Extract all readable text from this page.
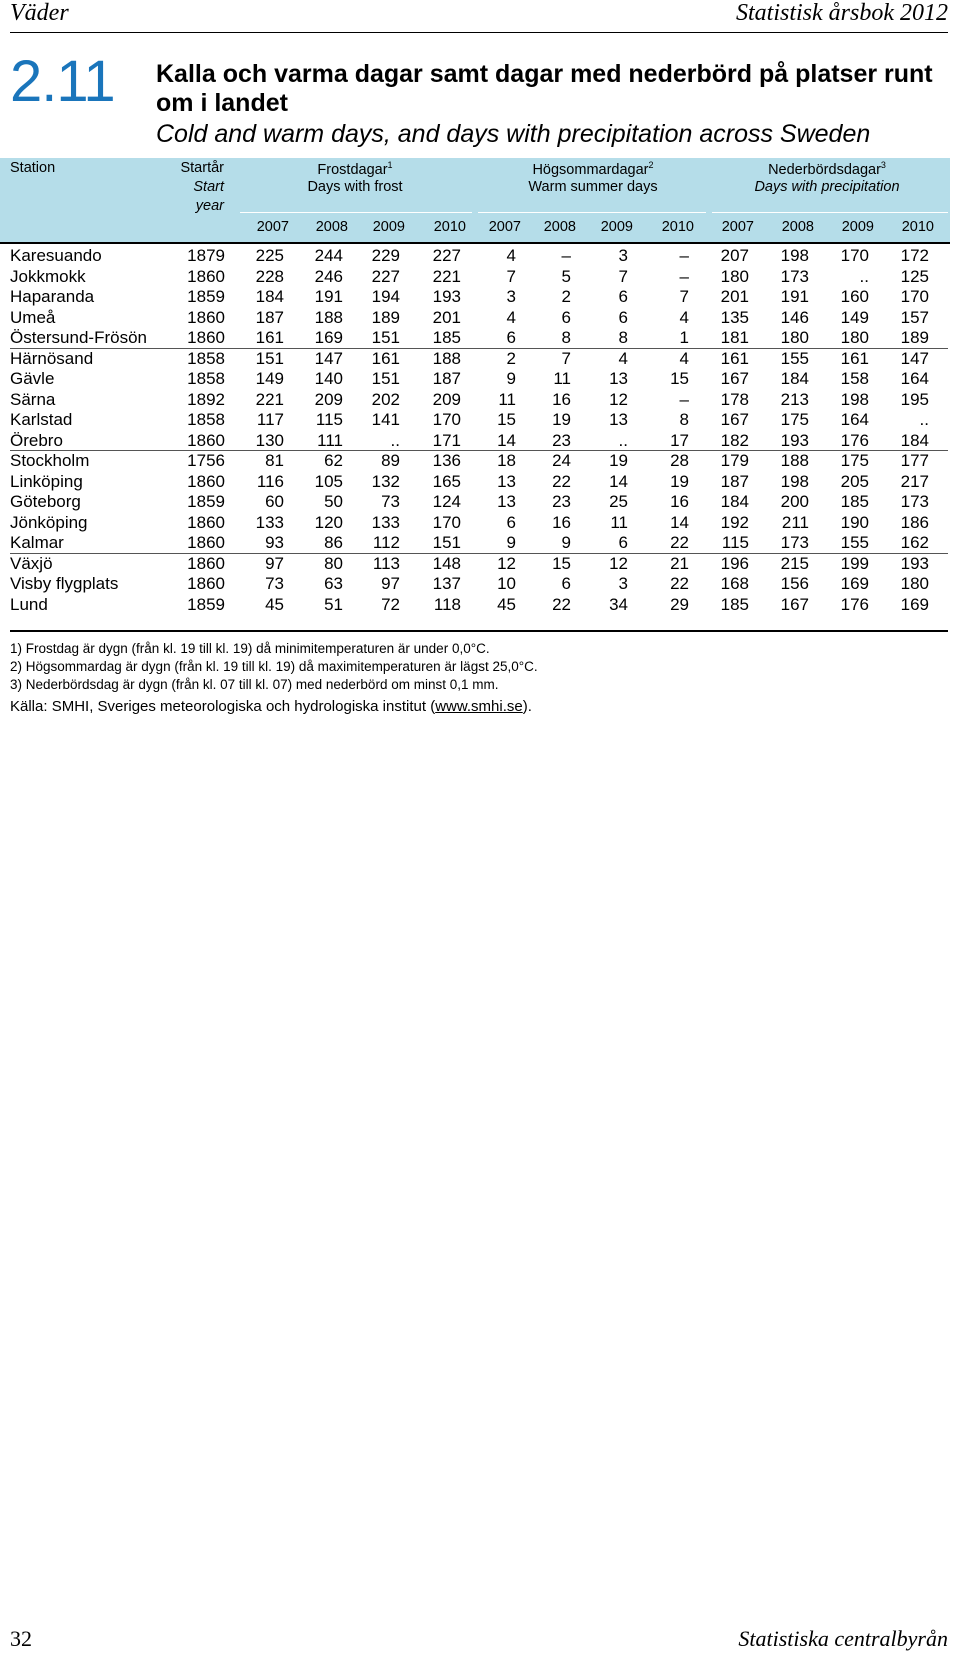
Väder	Statistisk årsbok 2012
2.11 Kalla och varma dagar samt dagar med nederbörd på platser runt om i landet
Cold and warm days, and days with precipitation across Sweden
Station	Startår
Start
year
Frostdagar$^1$
Days with frost
Högsommardagar$^2$
Warm summer days
Nederbördsdagar$^3$
Days with precipitation
2007	2008	2009	2010	2007	2008	2009	2010	2007	2008	2009	2010
Karesuando	1879	225	244	229	227	4	–	3	–	207	198	170	172
Jokkmokk	1860	228	246	227	221	7	5	7	–	180	173	..	125
Haparanda	1859	184	191	194	193	3	2	6	7	201	191	160	170
Umeå	1860	187	188	189	201	4	6	6	4	135	146	149	157
Östersund-Frösön	1860	161	169	151	185	6	8	8	1	181	180	180	189
Härnösand	1858	151	147	161	188	2	7	4	4	161	155	161	147
Gävle	1858	149	140	151	187	9	11	13	15	167	184	158	164
Särna	1892	221	209	202	209	11	16	12	–	178	213	198	195
Karlstad	1858	117	115	141	170	15	19	13	8	167	175	164	..
Örebro	1860	130	111	..	171	14	23	..	17	182	193	176	184
Stockholm	1756	81	62	89	136	18	24	19	28	179	188	175	177
Linköping	1860	116	105	132	165	13	22	14	19	187	198	205	217
Göteborg	1859	60	50	73	124	13	23	25	16	184	200	185	173
Jönköping	1860	133	120	133	170	6	16	11	14	192	211	190	186
Kalmar	1860	93	86	112	151	9	9	6	22	115	173	155	162
Växjö	1860	97	80	113	148	12	15	12	21	196	215	199	193
Visby flygplats	1860	73	63	97	137	10	6	3	22	168	156	169	180
Lund	1859	45	51	72	118	45	22	34	29	185	167	176	169
1) Frostdag är dygn (från kl. 19 till kl. 19) då minimitemperaturen är under 0,0°C.
2) Högsommardag är dygn (från kl. 19 till kl. 19) då maximitemperaturen är lägst 25,0°C.
3) Nederbördsdag är dygn (från kl. 07 till kl. 07) med nederbörd om minst 0,1 mm.
Källa: SMHI, Sveriges meteorologiska och hydrologiska institut (www.smhi.se).
32	Statistiska centralbyrån
